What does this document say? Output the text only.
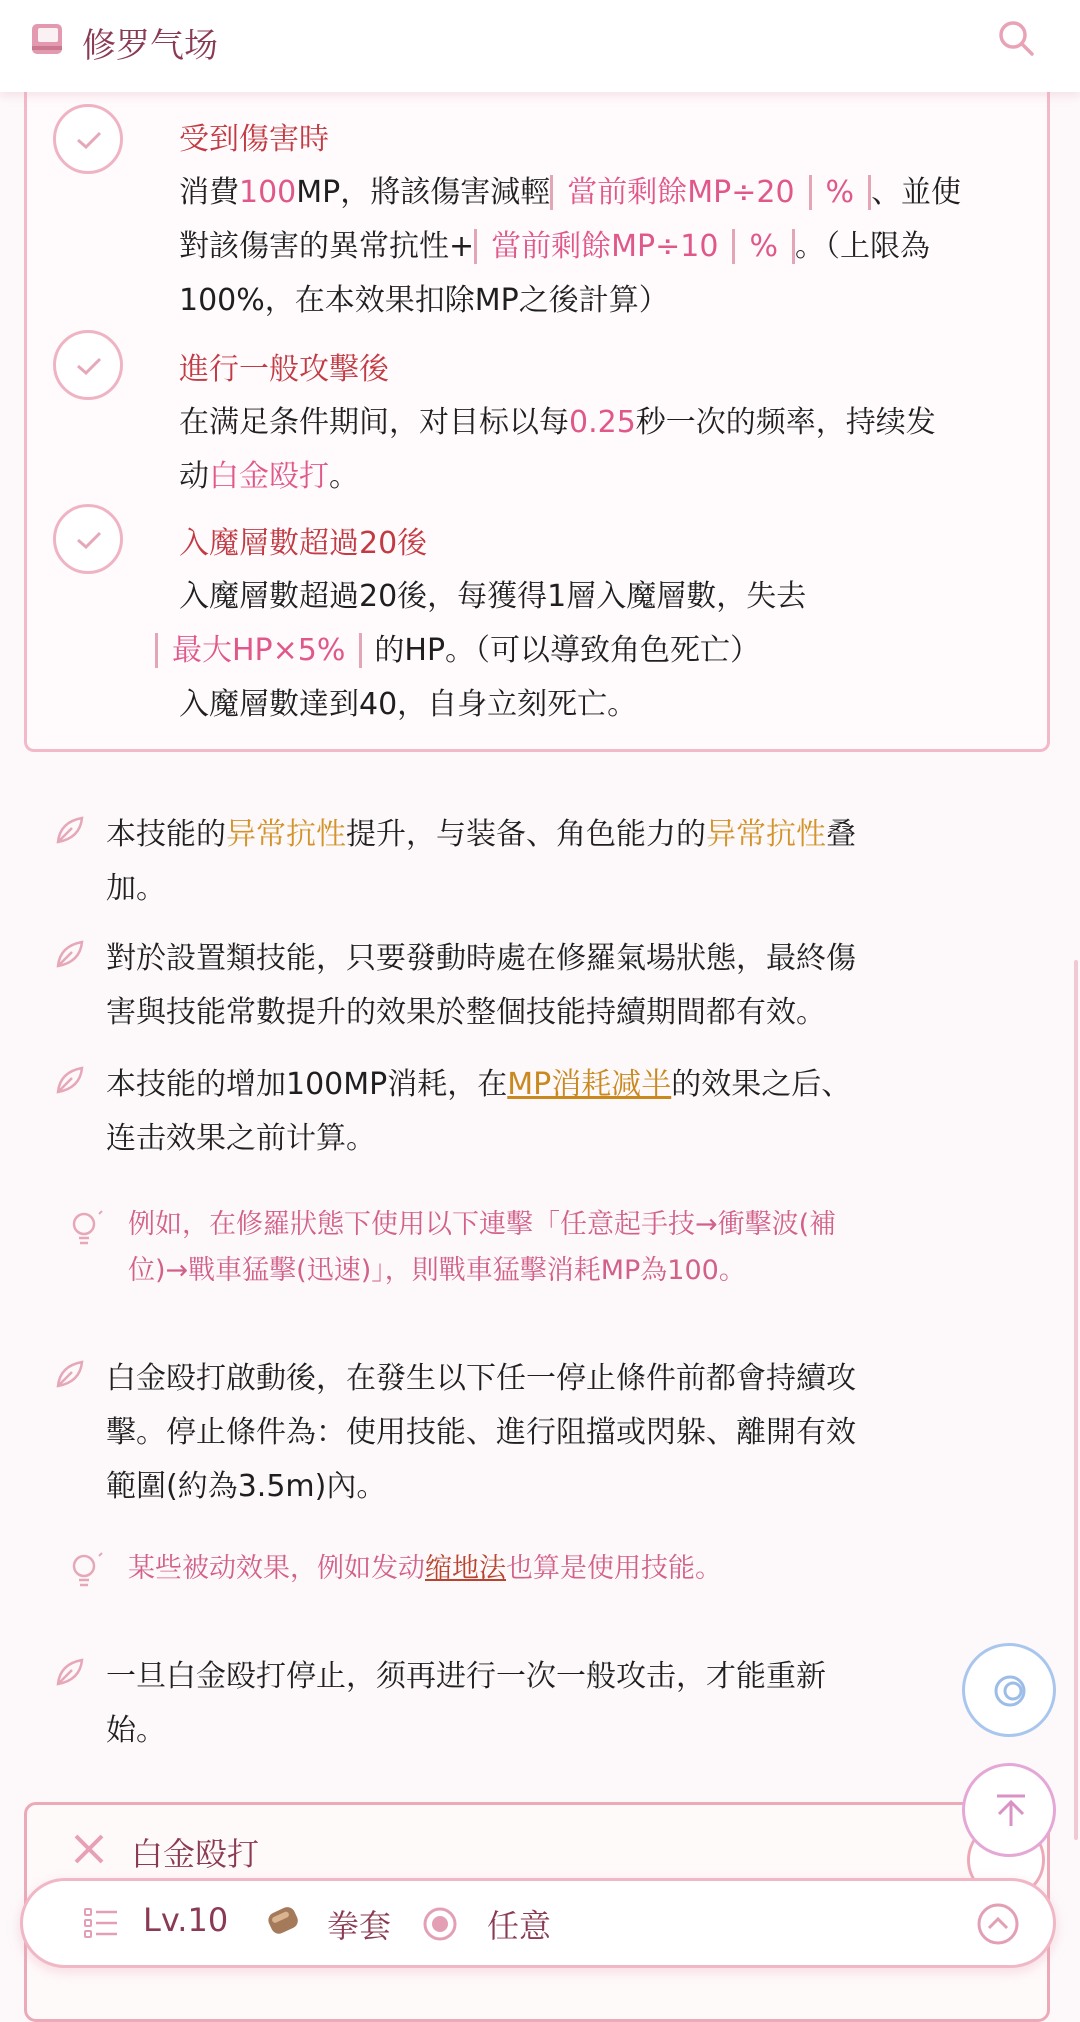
修罗气场
受到傷害時
消費100MP，將該傷害減輕 當前剩餘MP÷20 % 、並使
對該傷害的異常抗性+ 當前剩餘MP÷10 % 。（上限為
100%，在本效果扣除MP之後計算）
進行一般攻擊後
在满足条件期间，对目标以每0.25秒一次的频率，持续发
动白金殴打。
入魔層數超過20後
入魔層數超過20後，每獲得1層入魔層數，失去
最大HP×5% 的HP。（可以導致角色死亡）
入魔層數達到40，自身立刻死亡。
本技能的异常抗性提升，与装备、角色能力的异常抗性叠
加。
對於設置類技能，只要發動時處在修羅氣場狀態，最終傷
害與技能常數提升的效果於整個技能持續期間都有效。
本技能的增加100MP消耗，在MP消耗减半的效果之后、
连击效果之前计算。
例如，在修羅狀態下使用以下連擊「任意起手技→衝擊波(補
位)→戰車猛擊(迅速)」，則戰車猛擊消耗MP為100。
白金殴打啟動後，在發生以下任一停止條件前都會持續攻
擊。停止條件為：使用技能、進行阻擋或閃躲、離開有效
範圍(約為3.5m)內。
某些被动效果，例如发动缩地法也算是使用技能。
一旦白金殴打停止，须再进行一次一般攻击，才能重新
始。
白金殴打
Lv.10	拳套	任意
